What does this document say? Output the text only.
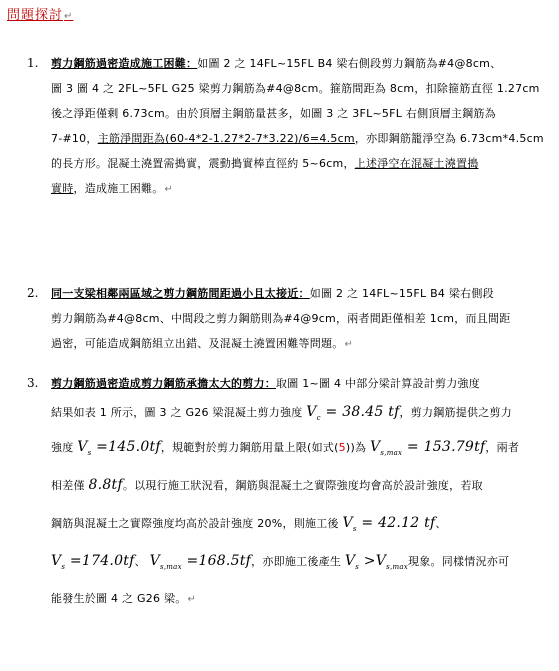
問題探討↵
1. 剪力鋼筋過密造成施工困難：如圖 2 之 14FL~15FL B4 梁右側段剪力鋼筋為#4@8cm、
圖 3 圖 4 之 2FL~5FL G25 梁剪力鋼筋為#4@8cm。箍筋間距為 8cm，扣除箍筋直徑 1.27cm
後之淨距僅剩 6.73cm。由於頂層主鋼筋量甚多，如圖 3 之 3FL~5FL 右側頂層主鋼筋為
7-#10，主筋淨間距為(60-4*2-1.27*2-7*3.22)/6=4.5cm，亦即鋼筋籠淨空為 6.73cm*4.5cm
的長方形。混凝土澆置需搗實，震動搗實棒直徑約 5~6cm，上述淨空在混凝土澆置搗
實時，造成施工困難。↵
2. 同一支梁相鄰兩區域之剪力鋼筋間距過小且太接近：如圖 2 之 14FL~15FL B4 梁右側段
剪力鋼筋為#4@8cm、中間段之剪力鋼筋則為#4@9cm，兩者間距僅相差 1cm，而且間距
過密，可能造成鋼筋組立出錯、及混凝土澆置困難等問題。↵
3. 剪力鋼筋過密造成剪力鋼筋承擔太大的剪力：取圖 1~圖 4 中部分梁計算設計剪力強度
結果如表 1 所示，圖 3 之 G26 梁混凝土剪力強度 $V_c = 38.45$ tf，剪力鋼筋提供之剪力
強度 $V_s =145.0tf$，規範對於剪力鋼筋用量上限(如式(5))為 $V_{s,max} = 153.79tf$，兩者
相差僅 8.8tf。以現行施工狀況看，鋼筋與混凝土之實際強度均會高於設計強度，若取
鋼筋與混凝土之實際強度均高於設計強度 20%，則施工後 $V_s = 42.12$ tf、
$V_s =174.0tf$、 $V_{s,max} =168.5tf$，亦即施工後產生 $V_s >V_{s,max}$現象。同樣情況亦可
能發生於圖 4 之 G26 梁。↵
